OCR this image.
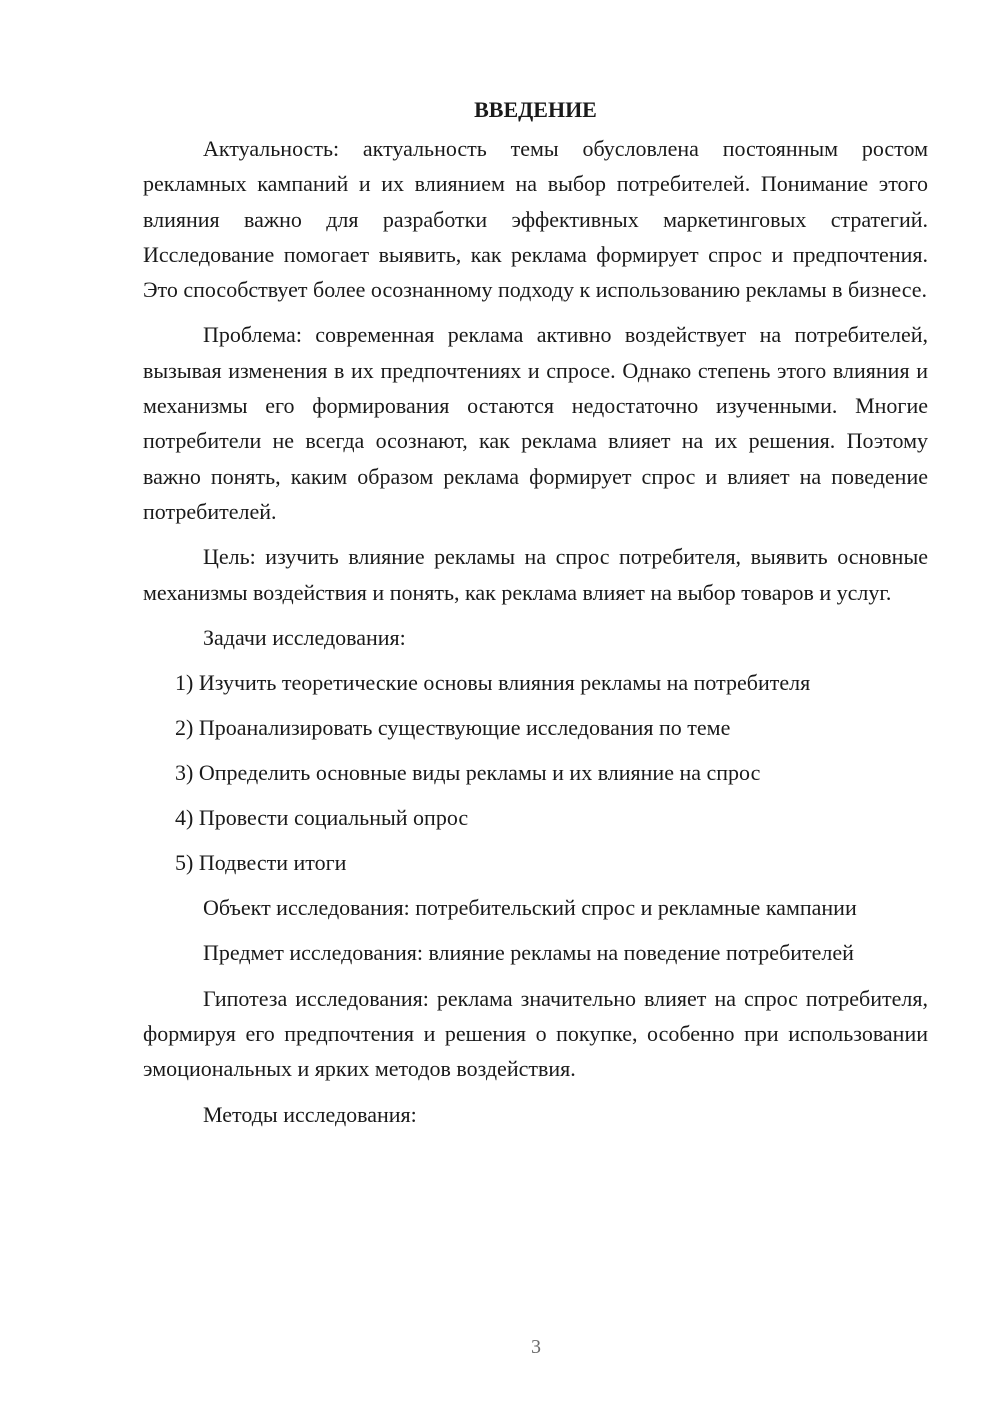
ВВЕДЕНИЕ

Актуальность: актуальность темы обусловлена постоянным ростом рекламных кампаний и их влиянием на выбор потребителей. Понимание этого влияния важно для разработки эффективных маркетинговых стратегий. Исследование помогает выявить, как реклама формирует спрос и предпочтения. Это способствует более осознанному подходу к использованию рекламы в бизнесе.

Проблема: современная реклама активно воздействует на потребителей, вызывая изменения в их предпочтениях и спросе. Однако степень этого влияния и механизмы его формирования остаются недостаточно изученными. Многие потребители не всегда осознают, как реклама влияет на их решения. Поэтому важно понять, каким образом реклама формирует спрос и влияет на поведение потребителей.

Цель: изучить влияние рекламы на спрос потребителя, выявить основные механизмы воздействия и понять, как реклама влияет на выбор товаров и услуг.

Задачи исследования:

1) Изучить теоретические основы влияния рекламы на потребителя
2) Проанализировать существующие исследования по теме
3) Определить основные виды рекламы и их влияние на спрос
4) Провести социальный опрос
5) Подвести итоги

Объект исследования: потребительский спрос и рекламные кампании

Предмет исследования: влияние рекламы на поведение потребителей

Гипотеза исследования: реклама значительно влияет на спрос потребителя, формируя его предпочтения и решения о покупке, особенно при использовании эмоциональных и ярких методов воздействия.

Методы исследования:

3
